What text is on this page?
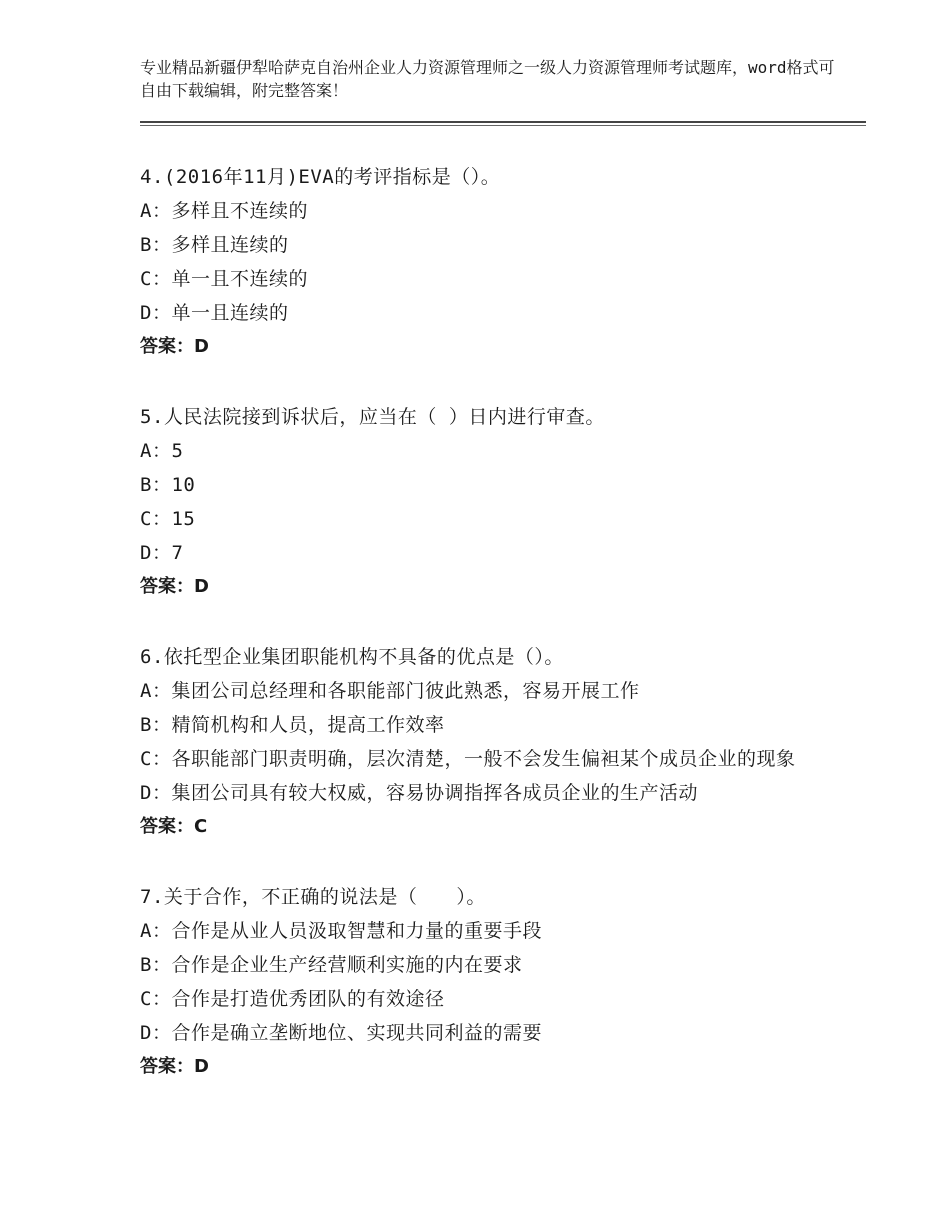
专业精品新疆伊犁哈萨克自治州企业人力资源管理师之一级人力资源管理师考试题库，word格式可自由下载编辑，附完整答案！
4.(2016年11月)EVA的考评指标是（）。
A：多样且不连续的
B：多样且连续的
C：单一且不连续的
D：单一且连续的
答案：D
5.人民法院接到诉状后，应当在（ ）日内进行审查。
A：5
B：10
C：15
D：7
答案：D
6.依托型企业集团职能机构不具备的优点是（）。
A：集团公司总经理和各职能部门彼此熟悉，容易开展工作
B：精简机构和人员，提高工作效率
C：各职能部门职责明确，层次清楚，一般不会发生偏袒某个成员企业的现象
D：集团公司具有较大权威，容易协调指挥各成员企业的生产活动
答案：C
7.关于合作，不正确的说法是（　　）。
A：合作是从业人员汲取智慧和力量的重要手段
B：合作是企业生产经营顺利实施的内在要求
C：合作是打造优秀团队的有效途径
D：合作是确立垄断地位、实现共同利益的需要
答案：D
